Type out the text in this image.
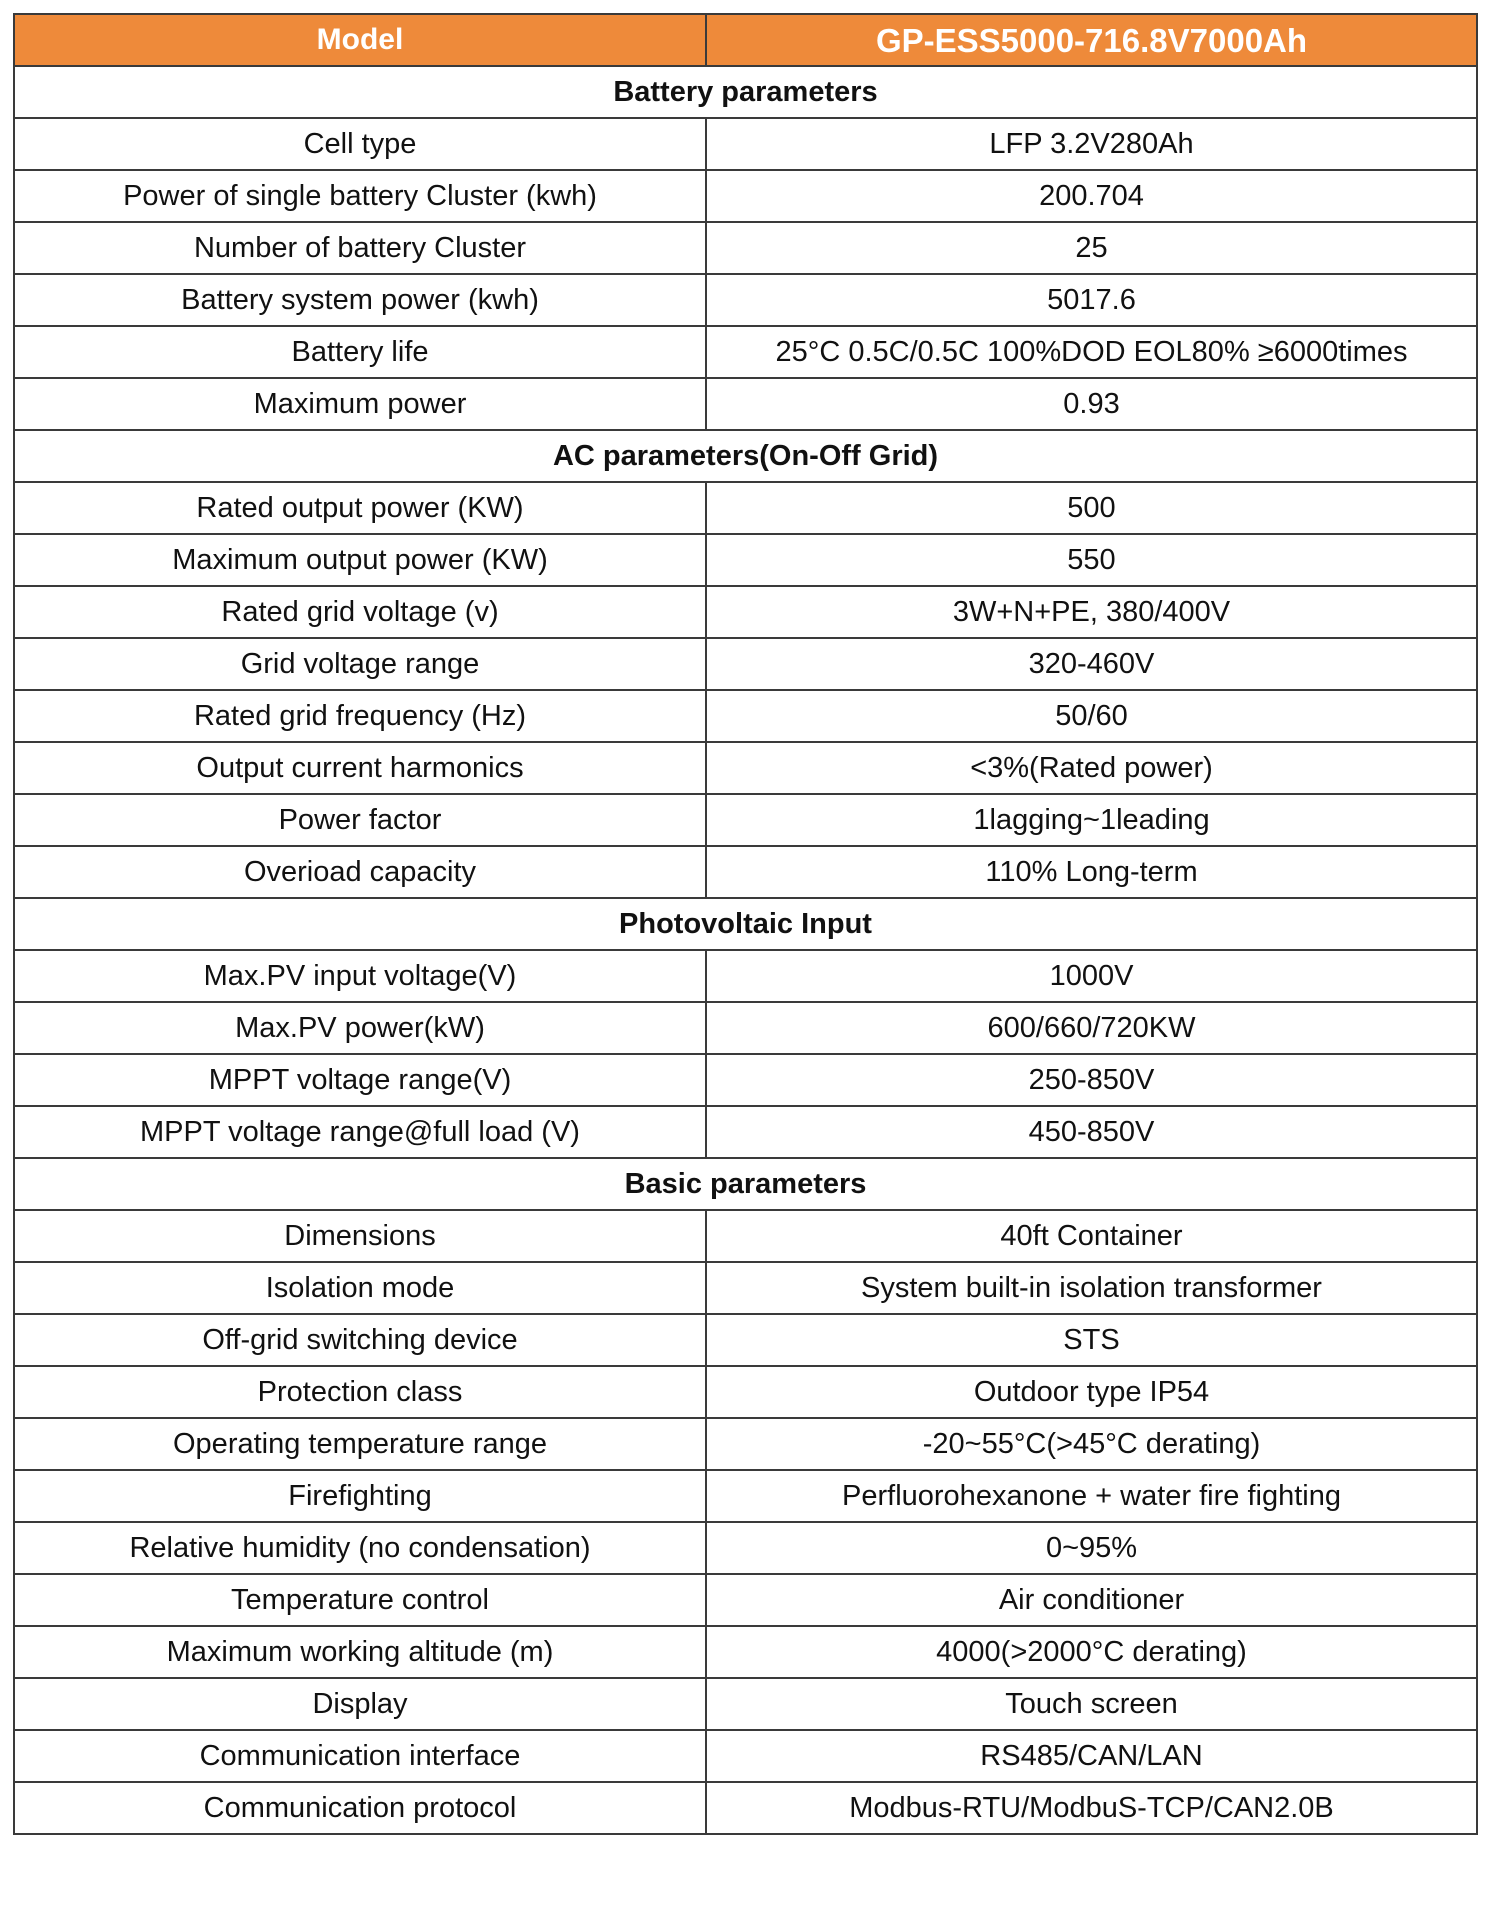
Model	GP-ESS5000-716.8V7000Ah
Battery parameters	
Cell type	LFP 3.2V280Ah
Power of single battery Cluster (kwh)	200.704
Number of battery Cluster	25
Battery system power (kwh)	5017.6
Battery life	25°C 0.5C/0.5C 100%DOD EOL80% ≥6000times
Maximum power	0.93
AC parameters(On-Off Grid)	
Rated output power (KW)	500
Maximum output power (KW)	550
Rated grid voltage (v)	3W+N+PE, 380/400V
Grid voltage range	320-460V
Rated grid frequency (Hz)	50/60
Output current harmonics	<3%(Rated power)
Power factor	1lagging~1leading
Overioad capacity	110% Long-term
Photovoltaic Input	
Max.PV input voltage(V)	1000V
Max.PV power(kW)	600/660/720KW
MPPT voltage range(V)	250-850V
MPPT voltage range@full load (V)	450-850V
Basic parameters	
Dimensions	40ft Container
Isolation mode	System built-in isolation transformer
Off-grid switching device	STS
Protection class	Outdoor type IP54
Operating temperature range	-20~55°C(>45°C derating)
Firefighting	Perfluorohexanone + water fire fighting
Relative humidity (no condensation)	0~95%
Temperature control	Air conditioner
Maximum working altitude (m)	4000(>2000°C derating)
Display	Touch screen
Communication interface	RS485/CAN/LAN
Communication protocol	Modbus-RTU/ModbuS-TCP/CAN2.0B
